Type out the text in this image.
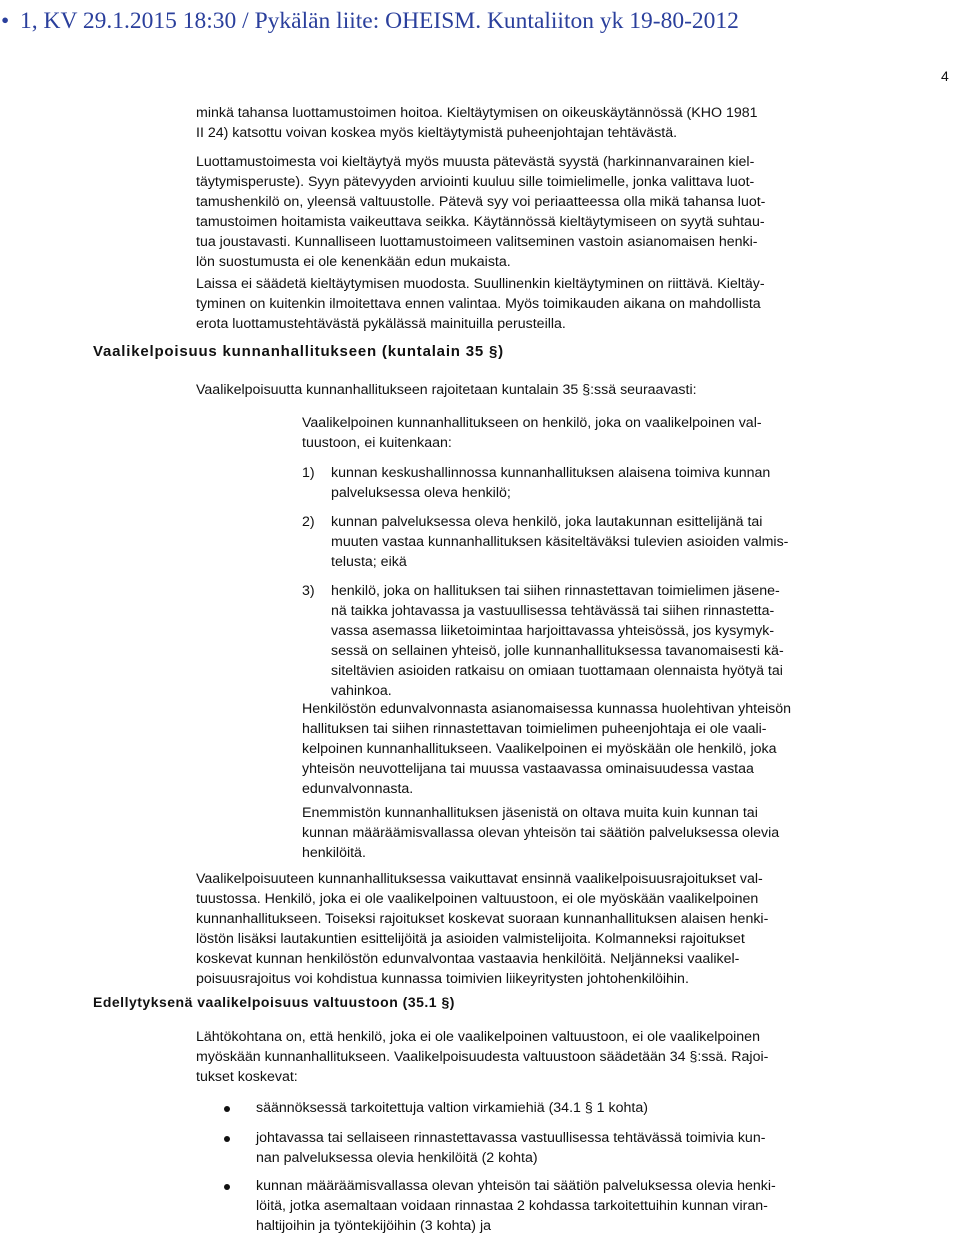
• 1, KV 29.1.2015 18:30 / Pykälän liite: OHEISM. Kuntaliiton yk 19-80-2012
4
minkä tahansa luottamustoimen hoitoa. Kieltäytymisen on oikeuskäytännössä (KHO 1981
II 24) katsottu voivan koskea myös kieltäytymistä puheenjohtajan tehtävästä.
Luottamustoimesta voi kieltäytyä myös muusta pätevästä syystä (harkinnanvarainen kiel-
täytymisperuste). Syyn pätevyyden arviointi kuuluu sille toimielimelle, jonka valittava luot-
tamushenkilö on, yleensä valtuustolle. Pätevä syy voi periaatteessa olla mikä tahansa luot-
tamustoimen hoitamista vaikeuttava seikka. Käytännössä kieltäytymiseen on syytä suhtau-
tua joustavasti. Kunnalliseen luottamustoimeen valitseminen vastoin asianomaisen henki-
lön suostumusta ei ole kenenkään edun mukaista.
Laissa ei säädetä kieltäytymisen muodosta. Suullinenkin kieltäytyminen on riittävä. Kieltäy-
tyminen on kuitenkin ilmoitettava ennen valintaa. Myös toimikauden aikana on mahdollista
erota luottamustehtävästä pykälässä mainituilla perusteilla.
Vaalikelpoisuus kunnanhallitukseen (kuntalain 35 §)
Vaalikelpoisuutta kunnanhallitukseen rajoitetaan kuntalain 35 §:ssä seuraavasti:
Vaalikelpoinen kunnanhallitukseen on henkilö, joka on vaalikelpoinen val-
tuustoon, ei kuitenkaan:
1) kunnan keskushallinnossa kunnanhallituksen alaisena toimiva kunnan
palveluksessa oleva henkilö;
2) kunnan palveluksessa oleva henkilö, joka lautakunnan esittelijänä tai
muuten vastaa kunnanhallituksen käsiteltäväksi tulevien asioiden valmis-
telusta; eikä
3) henkilö, joka on hallituksen tai siihen rinnastettavan toimielimen jäsene-
nä taikka johtavassa ja vastuullisessa tehtävässä tai siihen rinnastetta-
vassa asemassa liiketoimintaa harjoittavassa yhteisössä, jos kysymyk-
sessä on sellainen yhteisö, jolle kunnanhallituksessa tavanomaisesti kä-
siteltävien asioiden ratkaisu on omiaan tuottamaan olennaista hyötyä tai
vahinkoa.
Henkilöstön edunvalvonnasta asianomaisessa kunnassa huolehtivan yhteisön
hallituksen tai siihen rinnastettavan toimielimen puheenjohtaja ei ole vaali-
kelpoinen kunnanhallitukseen. Vaalikelpoinen ei myöskään ole henkilö, joka
yhteisön neuvottelijana tai muussa vastaavassa ominaisuudessa vastaa
edunvalvonnasta.
Enemmistön kunnanhallituksen jäsenistä on oltava muita kuin kunnan tai
kunnan määräämisvallassa olevan yhteisön tai säätiön palveluksessa olevia
henkilöitä.
Vaalikelpoisuuteen kunnanhallituksessa vaikuttavat ensinnä vaalikelpoisuusrajoitukset val-
tuustossa. Henkilö, joka ei ole vaalikelpoinen valtuustoon, ei ole myöskään vaalikelpoinen
kunnanhallitukseen. Toiseksi rajoitukset koskevat suoraan kunnanhallituksen alaisen henki-
löstön lisäksi lautakuntien esittelijöitä ja asioiden valmistelijoita. Kolmanneksi rajoitukset
koskevat kunnan henkilöstön edunvalvontaa vastaavia henkilöitä. Neljänneksi vaalikel-
poisuusrajoitus voi kohdistua kunnassa toimivien liikeyritysten johtohenkilöihin.
Edellytyksenä vaalikelpoisuus valtuustoon (35.1 §)
Lähtökohtana on, että henkilö, joka ei ole vaalikelpoinen valtuustoon, ei ole vaalikelpoinen
myöskään kunnanhallitukseen. Vaalikelpoisuudesta valtuustoon säädetään 34 §:ssä. Rajoi-
tukset koskevat:
säännöksessä tarkoitettuja valtion virkamiehiä (34.1 § 1 kohta)
johtavassa tai sellaiseen rinnastettavassa vastuullisessa tehtävässä toimivia kun-
nan palveluksessa olevia henkilöitä (2 kohta)
kunnan määräämisvallassa olevan yhteisön tai säätiön palveluksessa olevia henki-
löitä, jotka asemaltaan voidaan rinnastaa 2 kohdassa tarkoitettuihin kunnan viran-
haltijoihin ja työntekijöihin (3 kohta) ja
